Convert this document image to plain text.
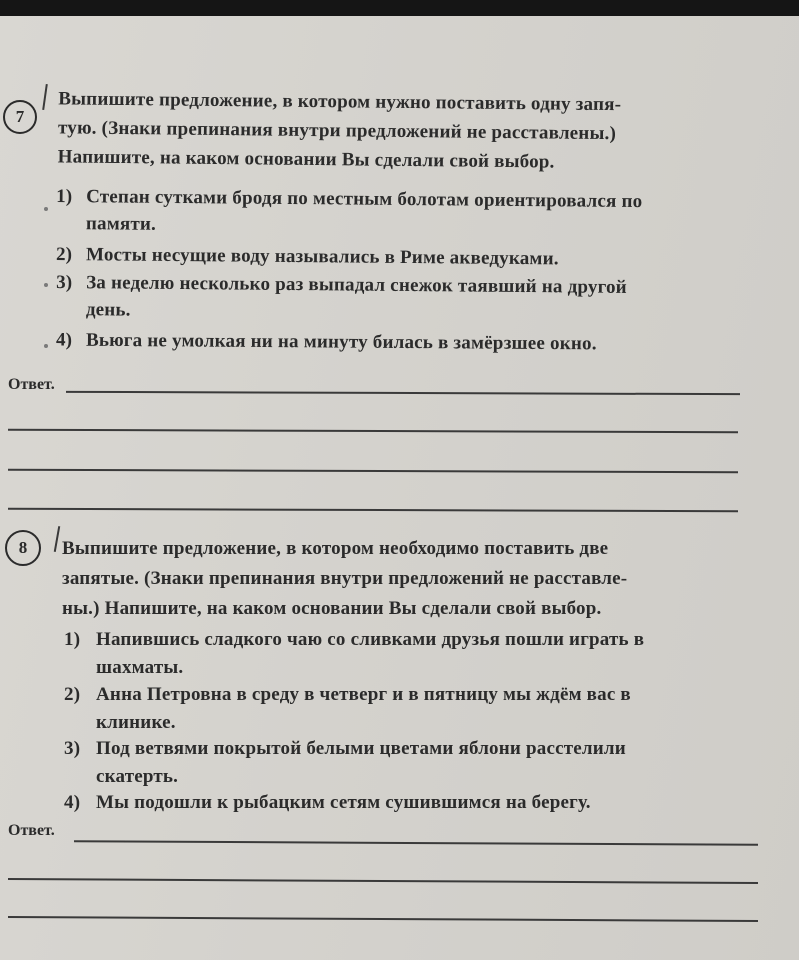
7
Выпишите предложение, в котором нужно поставить одну запя-
тую. (Знаки препинания внутри предложений не расставлены.)
Напишите, на каком основании Вы сделали свой выбор.
1) Степан сутками бродя по местным болотам ориентировался по
памяти.
2) Мосты несущие воду назывались в Риме акведуками.
3) За неделю несколько раз выпадал снежок таявший на другой
день.
4) Вьюга не умолкая ни на минуту билась в замёрзшее окно.
Ответ.
8 Выпишите предложение, в котором необходимо поставить две
запятые. (Знаки препинания внутри предложений не расставле-
ны.) Напишите, на каком основании Вы сделали свой выбор.
1) Напившись сладкого чаю со сливками друзья пошли играть в
шахматы.
2) Анна Петровна в среду в четверг и в пятницу мы ждём вас в
клинике.
3) Под ветвями покрытой белыми цветами яблони расстелили
скатерть.
4) Мы подошли к рыбацким сетям сушившимся на берегу.
Ответ.
